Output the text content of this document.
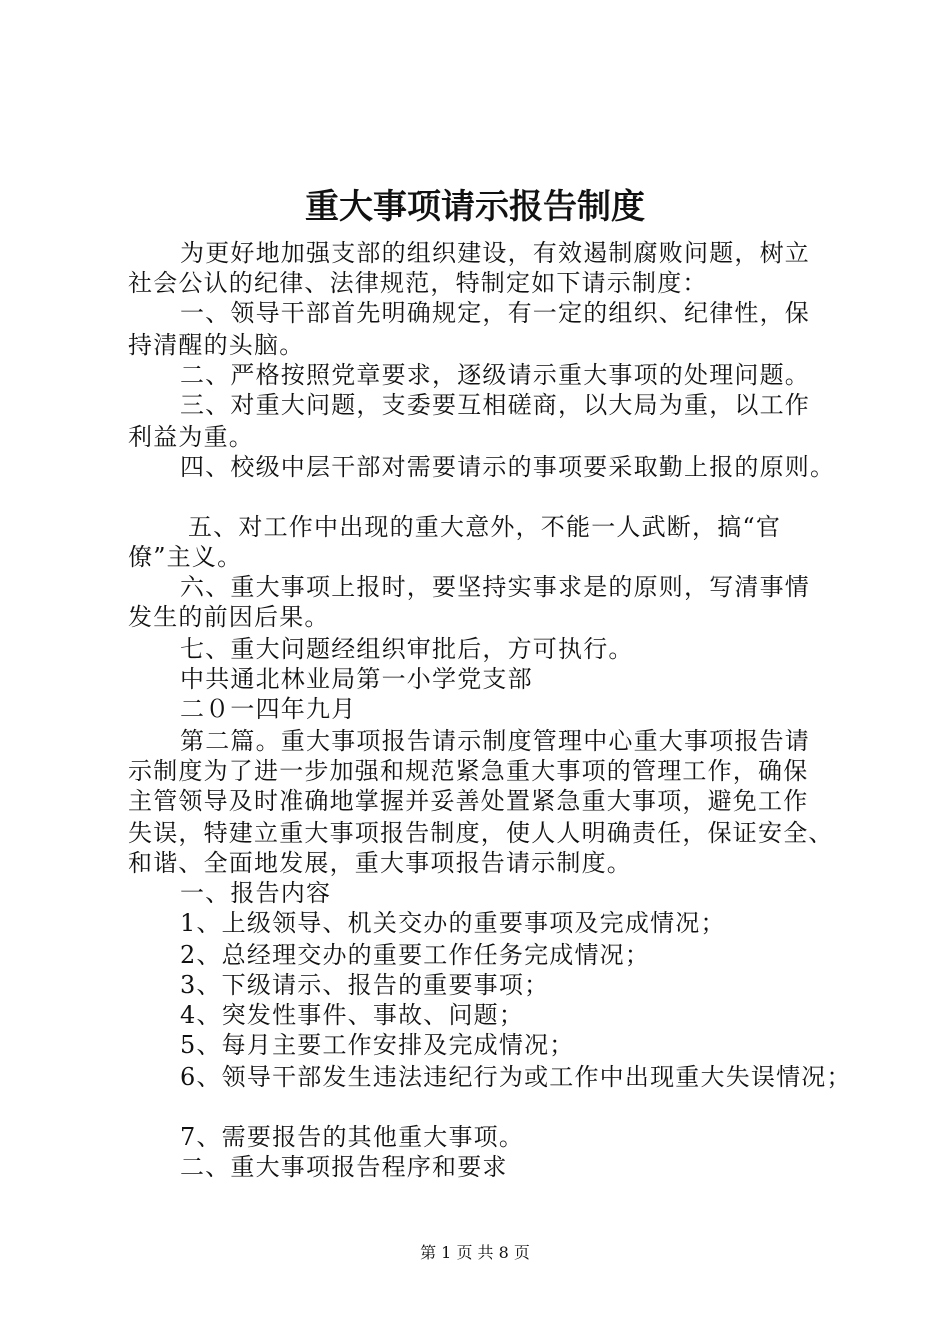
重大事项请示报告制度
为更好地加强支部的组织建设，有效遏制腐败问题，树立
社会公认的纪律、法律规范，特制定如下请示制度：
一、领导干部首先明确规定，有一定的组织、纪律性，保
持清醒的头脑。
二、严格按照党章要求，逐级请示重大事项的处理问题。
三、对重大问题，支委要互相磋商，以大局为重，以工作
利益为重。
四、校级中层干部对需要请示的事项要采取勤上报的原则。
五、对工作中出现的重大意外，不能一人武断，搞“官
僚”主义。
六、重大事项上报时，要坚持实事求是的原则，写清事情
发生的前因后果。
七、重大问题经组织审批后，方可执行。
中共通北林业局第一小学党支部
二０一四年九月
第二篇。重大事项报告请示制度管理中心重大事项报告请
示制度为了进一步加强和规范紧急重大事项的管理工作，确保
主管领导及时准确地掌握并妥善处置紧急重大事项，避免工作
失误，特建立重大事项报告制度，使人人明确责任，保证安全、
和谐、全面地发展，重大事项报告请示制度。
一、报告内容
1、上级领导、机关交办的重要事项及完成情况；
2、总经理交办的重要工作任务完成情况；
3、下级请示、报告的重要事项；
4、突发性事件、事故、问题；
5、每月主要工作安排及完成情况；
6、领导干部发生违法违纪行为或工作中出现重大失误情况；
7、需要报告的其他重大事项。
二、重大事项报告程序和要求
第 1 页 共 8 页
